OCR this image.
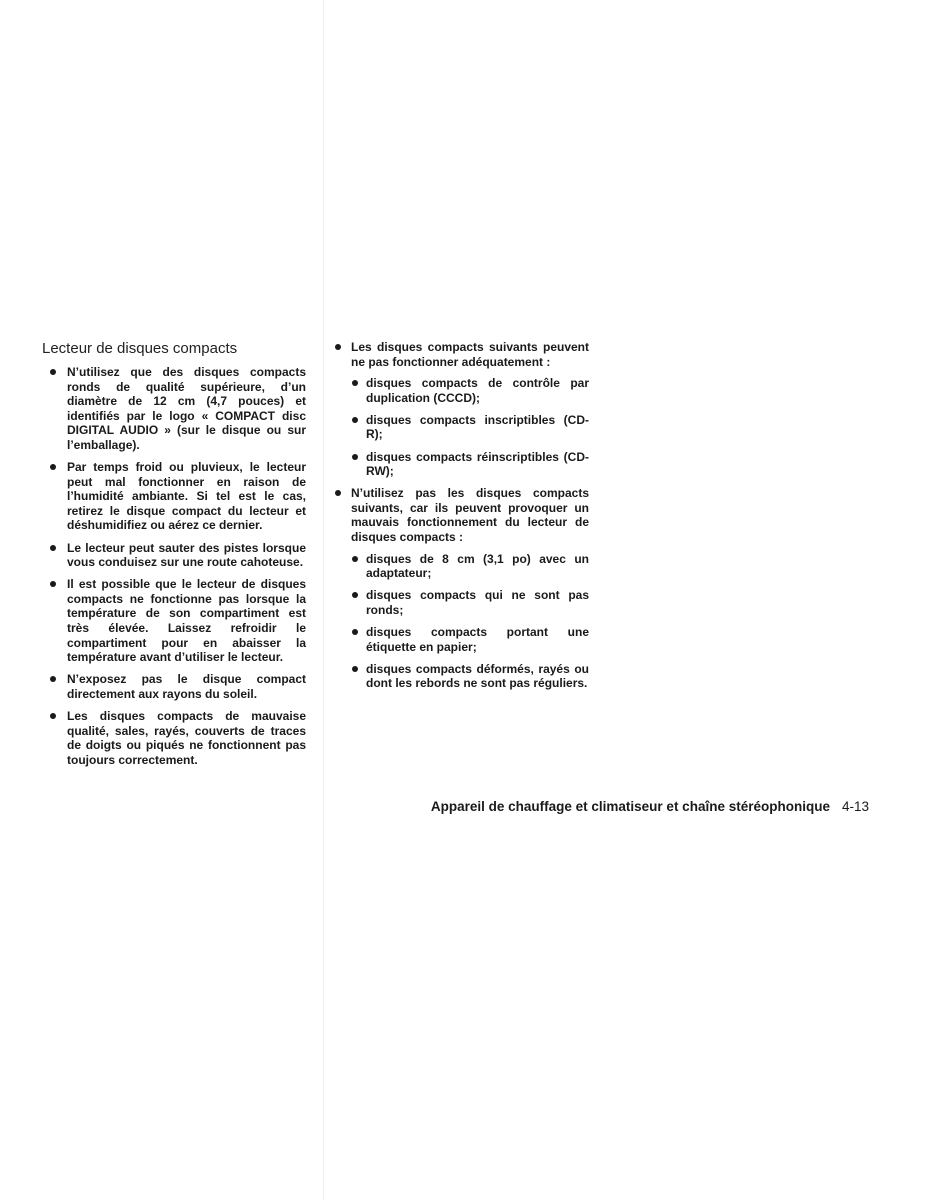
Lecteur de disques compacts
N’utilisez que des disques compacts ronds de qualité supérieure, d’un diamètre de 12 cm (4,7 pouces) et identifiés par le logo « COMPACT disc DIGITAL AUDIO » (sur le disque ou sur l’emballage).
Par temps froid ou pluvieux, le lecteur peut mal fonctionner en raison de l’humidité ambiante. Si tel est le cas, retirez le disque compact du lecteur et déshumidifiez ou aérez ce dernier.
Le lecteur peut sauter des pistes lorsque vous conduisez sur une route cahoteuse.
Il est possible que le lecteur de disques compacts ne fonctionne pas lorsque la température de son compartiment est très élevée. Laissez refroidir le compartiment pour en abaisser la température avant d’utiliser le lecteur.
N’exposez pas le disque compact directement aux rayons du soleil.
Les disques compacts de mauvaise qualité, sales, rayés, couverts de traces de doigts ou piqués ne fonctionnent pas toujours correctement.
Les disques compacts suivants peuvent ne pas fonctionner adéquatement :
disques compacts de contrôle par duplication (CCCD);
disques compacts inscriptibles (CD-R);
disques compacts réinscriptibles (CD-RW);
N’utilisez pas les disques compacts suivants, car ils peuvent provoquer un mauvais fonctionnement du lecteur de disques compacts :
disques de 8 cm (3,1 po) avec un adaptateur;
disques compacts qui ne sont pas ronds;
disques compacts portant une étiquette en papier;
disques compacts déformés, rayés ou dont les rebords ne sont pas réguliers.
Appareil de chauffage et climatiseur et chaîne stéréophonique 4-13
